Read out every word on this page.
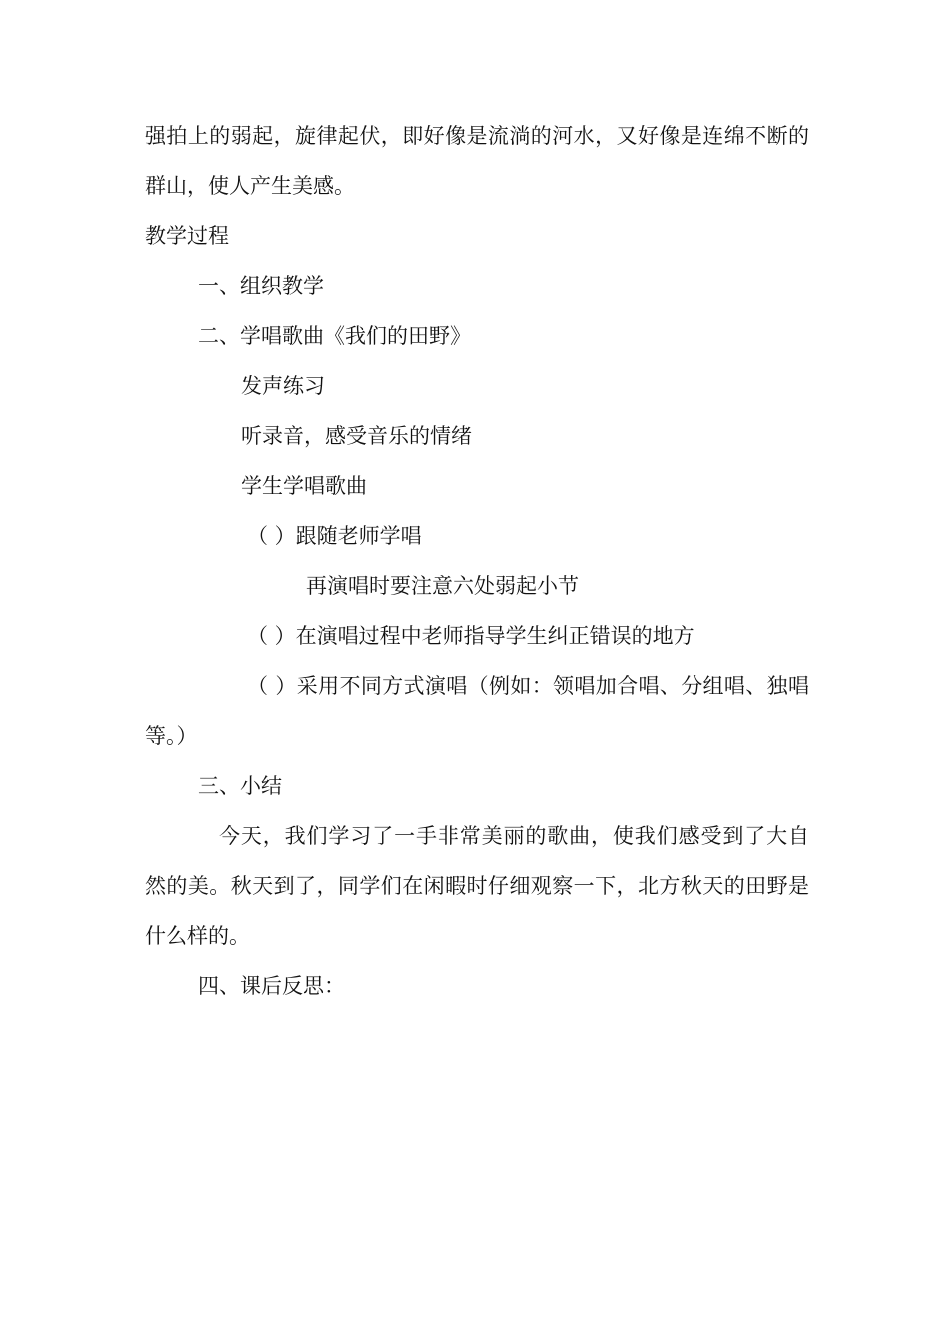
强拍上的弱起，旋律起伏，即好像是流淌的河水，又好像是连绵不断的
群山，使人产生美感。
教学过程
一、组织教学
二、学唱歌曲《我们的田野》
发声练习
听录音，感受音乐的情绪
学生学唱歌曲
（ ）跟随老师学唱
再演唱时要注意六处弱起小节
（ ）在演唱过程中老师指导学生纠正错误的地方
（ ）采用不同方式演唱（例如：领唱加合唱、分组唱、独唱
等。）
三、小结
今天，我们学习了一手非常美丽的歌曲，使我们感受到了大自
然的美。秋天到了，同学们在闲暇时仔细观察一下，北方秋天的田野是
什么样的。
四、课后反思：
